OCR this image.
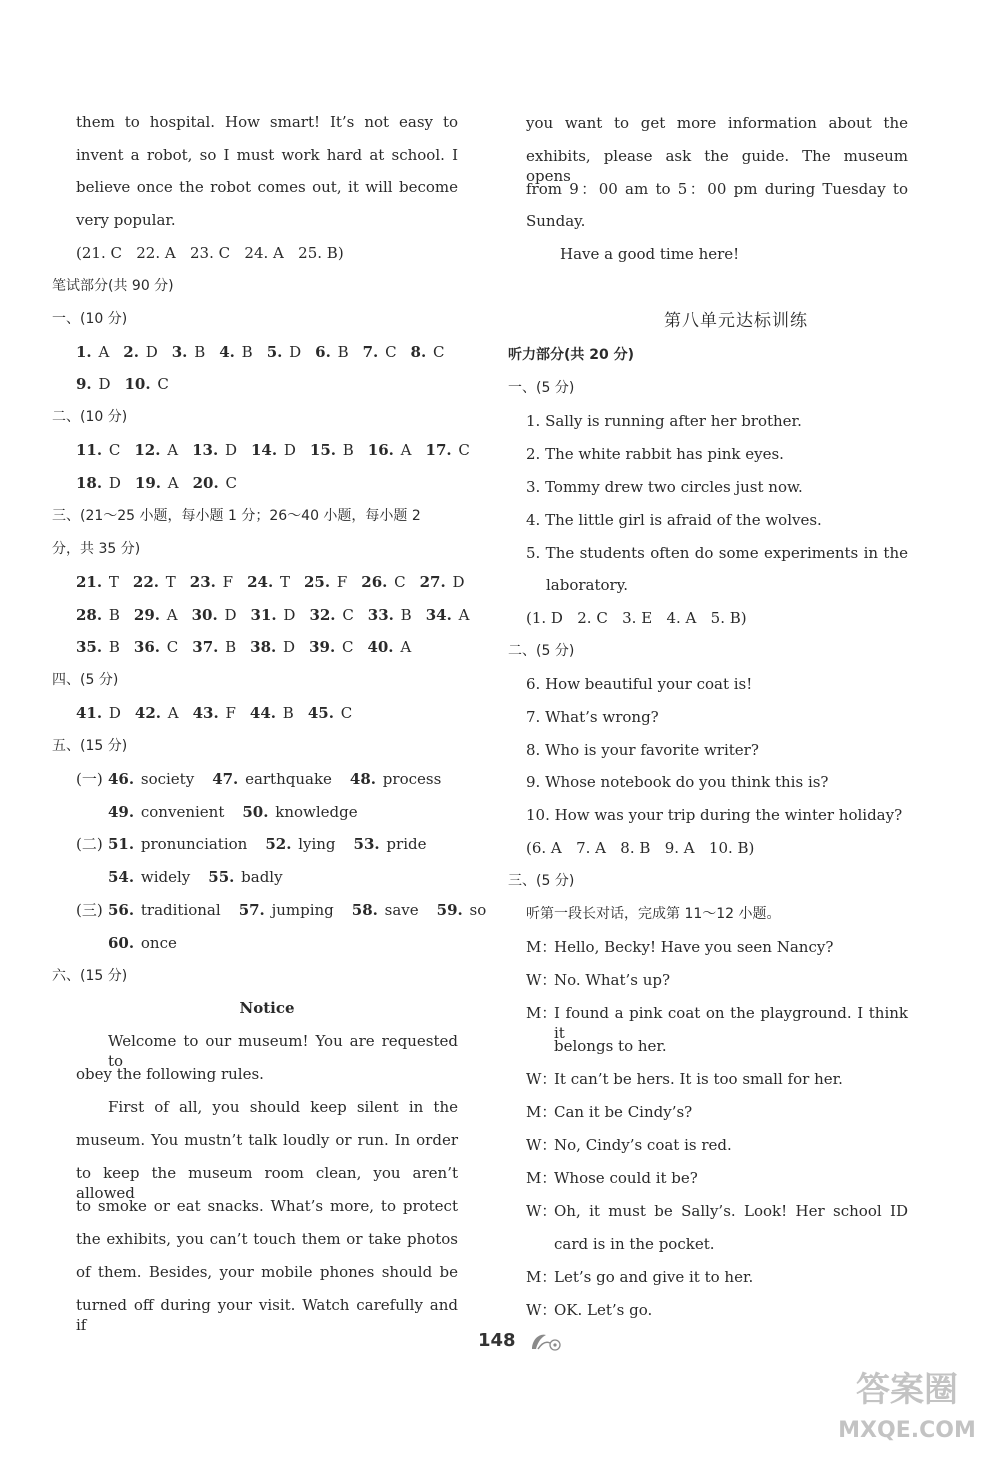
them to hospital. How smart! It’s not easy to
invent a robot, so I must work hard at school. I
believe once the robot comes out, it will become
very popular.
(21. C   22. A   23. C   24. A   25. B)
笔试部分(共 90 分)
一、(10 分)
1. A 2. D 3. B 4. B 5. D 6. B 7. C 8. C
9. D 10. C
二、(10 分)
11. C 12. A 13. D 14. D 15. B 16. A 17. C
18. D 19. A 20. C
三、(21～25 小题，每小题 1 分；26～40 小题，每小题 2
分，共 35 分)
21. T 22. T 23. F 24. T 25. F 26. C 27. D
28. B 29. A 30. D 31. D 32. C 33. B 34. A
35. B 36. C 37. B 38. D 39. C 40. A
四、(5 分)
41. D 42. A 43. F 44. B 45. C
五、(15 分)
(一) 46. society 47. earthquake 48. process
49. convenient 50. knowledge
(二) 51. pronunciation 52. lying 53. pride
54. widely 55. badly
(三) 56. traditional 57. jumping 58. save 59. so
60. once
六、(15 分)
Notice
Welcome to our museum! You are requested to
obey the following rules.
First of all, you should keep silent in the
museum. You mustn’t talk loudly or run. In order
to keep the museum room clean, you aren’t allowed
to smoke or eat snacks. What’s more, to protect
the exhibits, you can’t touch them or take photos
of them. Besides, your mobile phones should be
turned off during your visit. Watch carefully and if
you want to get more information about the
exhibits, please ask the guide. The museum opens
from 9：00 am to 5：00 pm during Tuesday to
Sunday.
Have a good time here!
第八单元达标训练
听力部分(共 20 分)
一、(5 分)
1. Sally is running after her brother.
2. The white rabbit has pink eyes.
3. Tommy drew two circles just now.
4. The little girl is afraid of the wolves.
5. The students often do some experiments in the
laboratory.
(1. D   2. C   3. E   4. A   5. B)
二、(5 分)
6. How beautiful your coat is!
7. What’s wrong?
8. Who is your favorite writer?
9. Whose notebook do you think this is?
10. How was your trip during the winter holiday?
(6. A   7. A   8. B   9. A   10. B)
三、(5 分)
听第一段长对话，完成第 11～12 小题。
M：
Hello, Becky! Have you seen Nancy?
W：
No. What’s up?
M：
I found a pink coat on the playground. I think it
belongs to her.
W：
It can’t be hers. It is too small for her.
M：
Can it be Cindy’s?
W：
No, Cindy’s coat is red.
M：
Whose could it be?
W：
Oh, it must be Sally’s. Look! Her school ID
card is in the pocket.
M：
Let’s go and give it to her.
W：
OK. Let’s go.
148
答案圈
MXQE.COM
